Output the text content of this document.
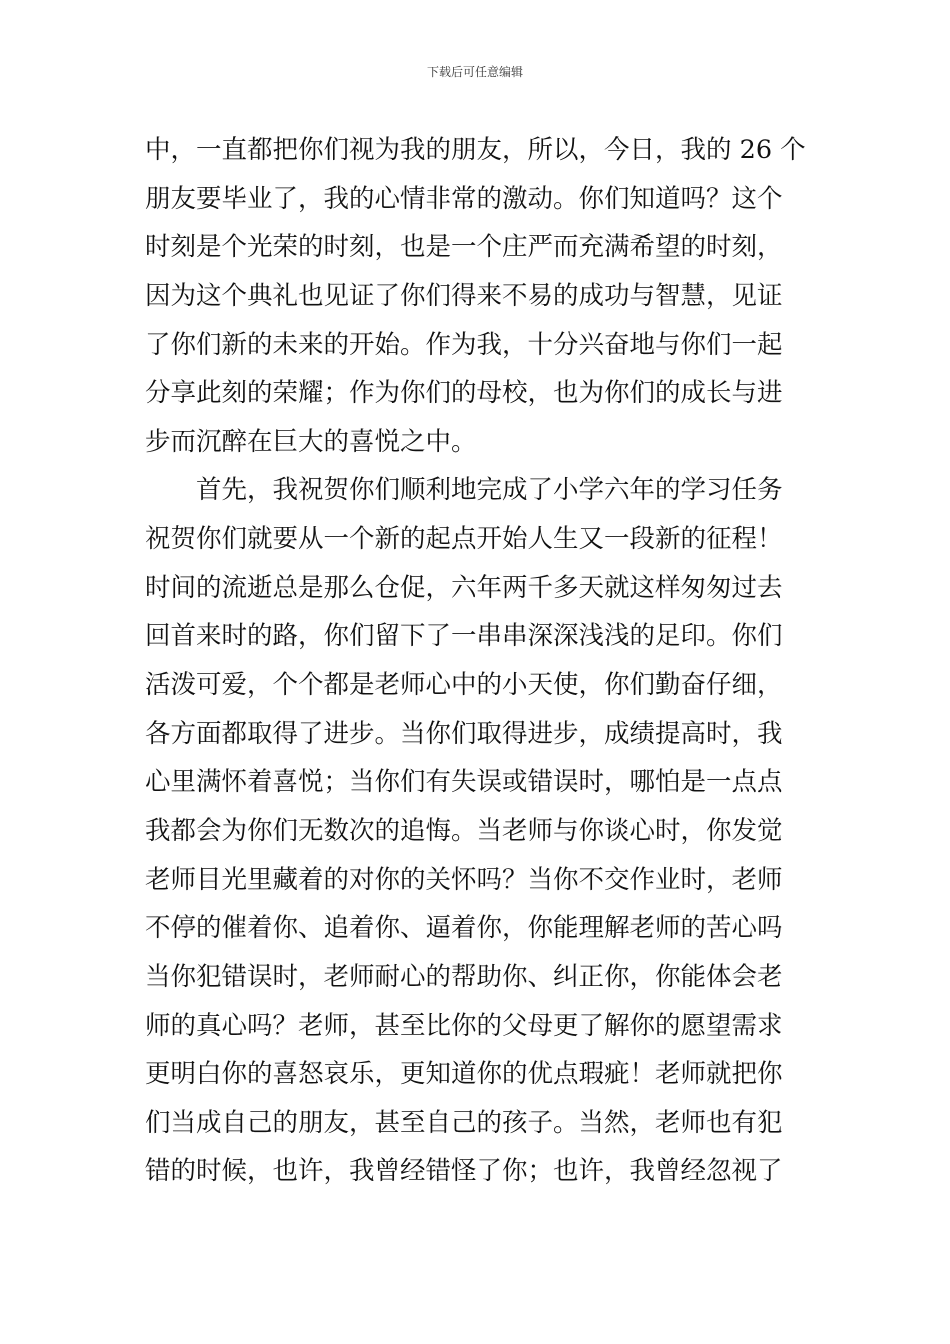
下载后可任意编辑
中，一直都把你们视为我的朋友，所以，今日，我的 26 个
朋友要毕业了，我的心情非常的激动。你们知道吗？这个
时刻是个光荣的时刻，也是一个庄严而充满希望的时刻，
因为这个典礼也见证了你们得来不易的成功与智慧，见证
了你们新的未来的开始。作为我，十分兴奋地与你们一起
分享此刻的荣耀；作为你们的母校，也为你们的成长与进
步而沉醉在巨大的喜悦之中。
首先，我祝贺你们顺利地完成了小学六年的学习任务
祝贺你们就要从一个新的起点开始人生又一段新的征程！
时间的流逝总是那么仓促，六年两千多天就这样匆匆过去
回首来时的路，你们留下了一串串深深浅浅的足印。你们
活泼可爱，个个都是老师心中的小天使，你们勤奋仔细，
各方面都取得了进步。当你们取得进步，成绩提高时，我
心里满怀着喜悦；当你们有失误或错误时，哪怕是一点点
我都会为你们无数次的追悔。当老师与你谈心时，你发觉
老师目光里藏着的对你的关怀吗？当你不交作业时，老师
不停的催着你、追着你、逼着你，你能理解老师的苦心吗
当你犯错误时，老师耐心的帮助你、纠正你，你能体会老
师的真心吗？老师，甚至比你的父母更了解你的愿望需求
更明白你的喜怒哀乐，更知道你的优点瑕疵！老师就把你
们当成自己的朋友，甚至自己的孩子。当然，老师也有犯
错的时候，也许，我曾经错怪了你；也许，我曾经忽视了
